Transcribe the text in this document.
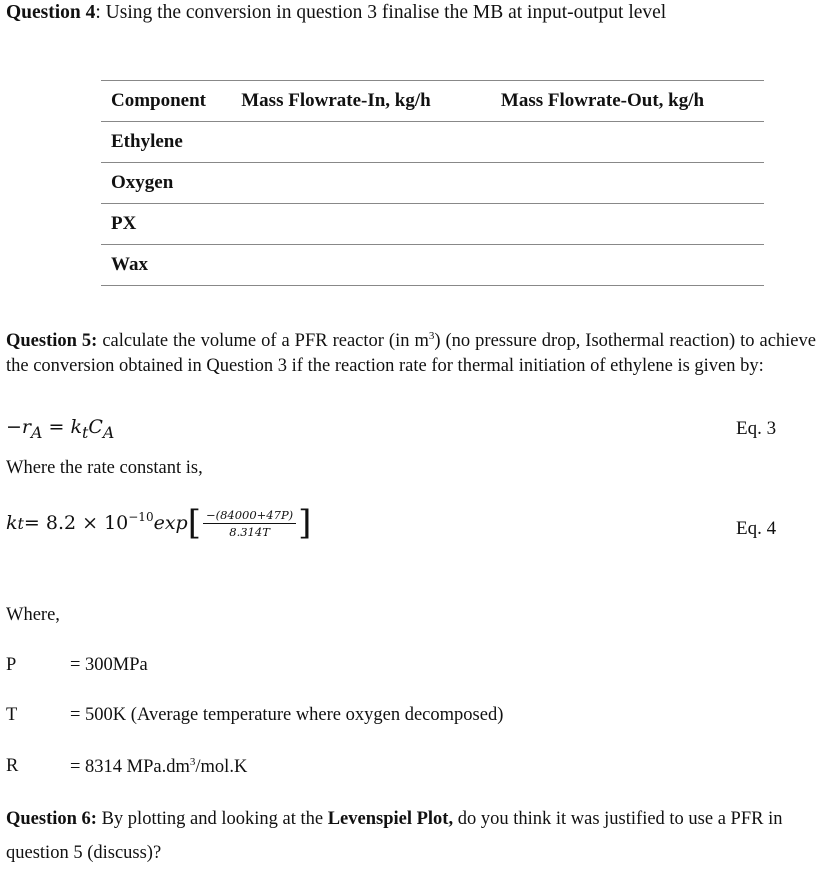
Question 4: Using the conversion in question 3 finalise the MB at input-output level
Component	Mass Flowrate-In, kg/h	Mass Flowrate-Out, kg/h
Ethylene		
Oxygen		
PX		
Wax		
Question 5: calculate the volume of a PFR reactor (in $m^3$) (no pressure drop, Isothermal reaction) to achieve the conversion obtained in Question 3 if the reaction rate for thermal initiation of ethylene is given by:
$-r_A = k_tC_A$	Eq. 3
Where the rate constant is,
k $t = 8.2 \times 10^{-10}$ exp [ $\frac{-(84000+47P)}{8.314T}$ ]	Eq. 4
Where,
P	= 300MPa
T	= 500K (Average temperature where oxygen decomposed)
R	= 8314 $MPa.dm^3/mol.K$
Question 6: By plotting and looking at the Levenspiel Plot, do you think it was justified to use a PFR in question 5 (discuss)?
